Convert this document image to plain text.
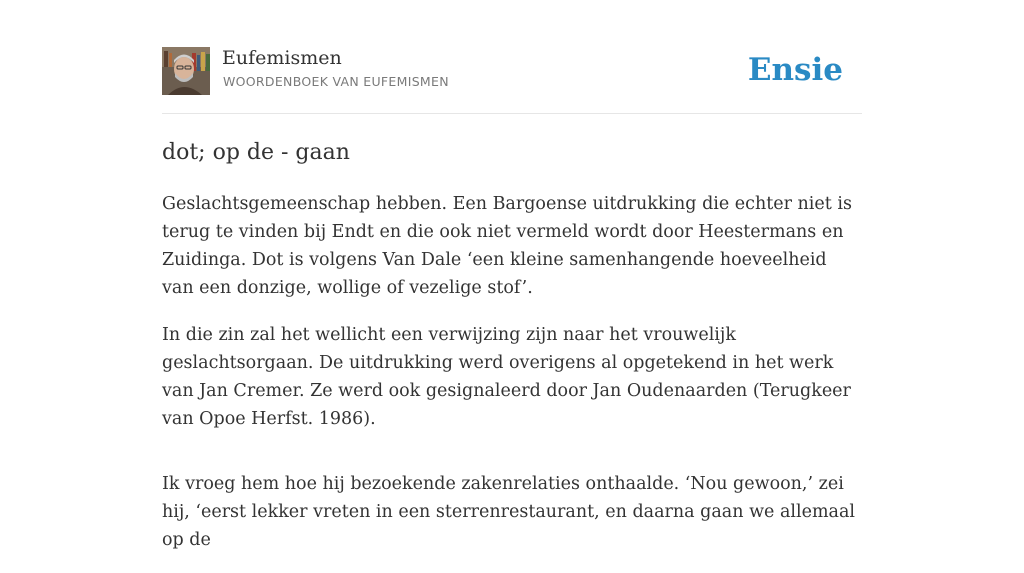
Eufemismen
WOORDENBOEK VAN EUFEMISMEN	Ensie
dot; op de - gaan

Geslachtsgemeenschap hebben. Een Bargoense uitdrukking die echter niet is terug te vinden bij Endt en die ook niet vermeld wordt door Heestermans en Zuidinga. Dot is volgens Van Dale ‘een kleine samenhangende hoeveelheid van een donzige, wollige of vezelige stof’.

In die zin zal het wellicht een verwijzing zijn naar het vrouwelijk geslachtsorgaan. De uitdrukking werd overigens al opgetekend in het werk van Jan Cremer. Ze werd ook gesignaleerd door Jan Oudenaarden (Terugkeer van Opoe Herfst. 1986).

Ik vroeg hem hoe hij bezoekende zakenrelaties onthaalde. ‘Nou gewoon,’ zei hij, ‘eerst lekker vreten in een sterrenrestaurant, en daarna gaan we allemaal op de
